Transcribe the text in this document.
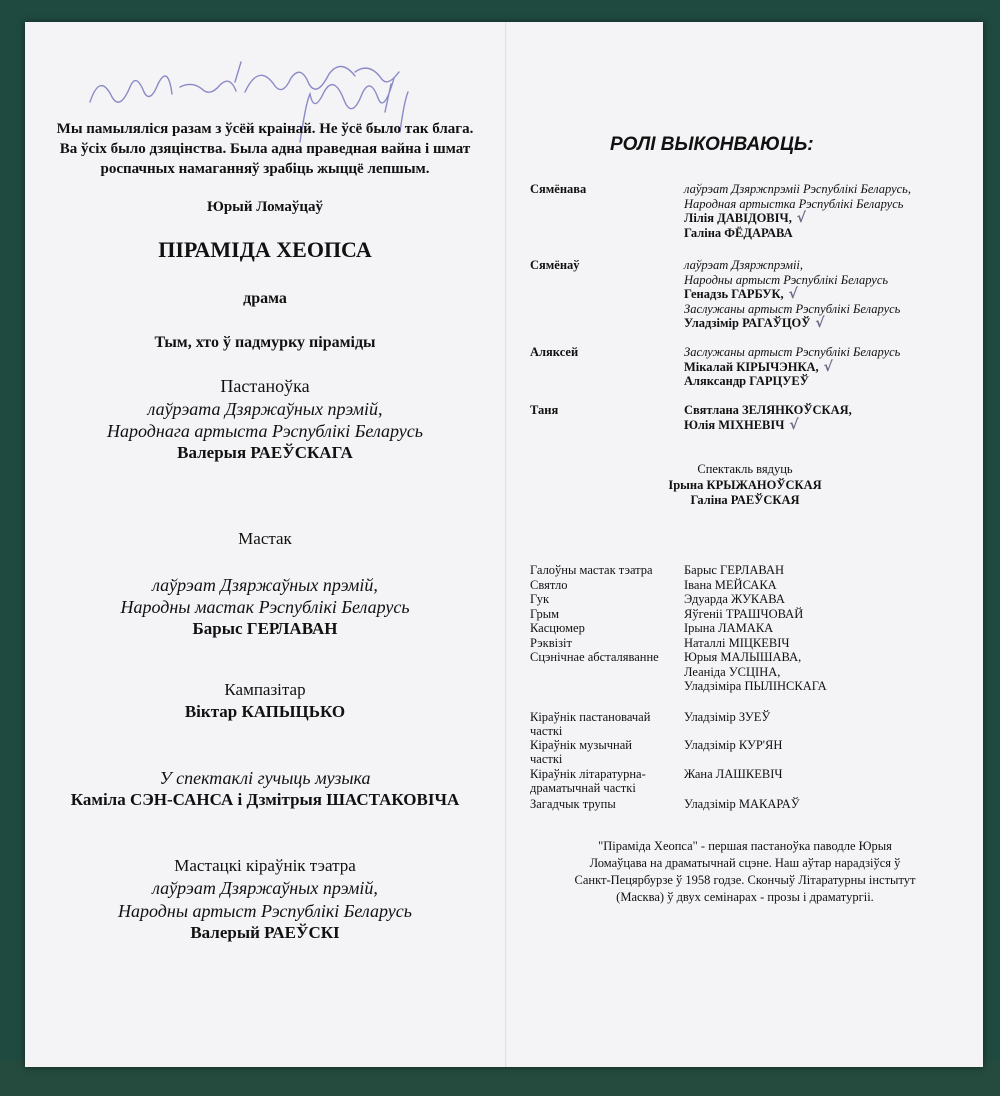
Мы памыляліся разам з ўсёй краінай. Не ўсё было так блага.
Ва ўсіх было дзяцінства. Была адна праведная вайна і шмат
роспачных намаганняў зрабіць жыццё лепшым.
Юрый Ломаўцаў
ПІРАМІДА ХЕОПСА
драма
Тым, хто ў падмурку піраміды
Пастаноўка
лаўрэата Дзяржаўных прэмій,
Народнага артыста Рэспублікі Беларусь
Валерыя РАЕЎСКАГА
Мастак
лаўрэат Дзяржаўных прэмій,
Народны мастак Рэспублікі Беларусь
Барыс ГЕРЛАВАН
Кампазітар
Віктар КАПЫЦЬКО
У спектаклі гучыць музыка
Каміла СЭН-САНСА і Дзмітрыя ШАСТАКОВІЧА
Мастацкі кіраўнік тэатра
лаўрэат Дзяржаўных прэмій,
Народны артыст Рэспублікі Беларусь
Валерый РАЕЎСКІ
РОЛІ ВЫКОНВАЮЦЬ:
Сямёнава	лаўрэат Дзяржпрэміі Рэспублікі Беларусь,
Народная артыстка Рэспублікі Беларусь
Лілія ДАВІДОВІЧ, √
Галіна ФЁДАРАВА
Сямёнаў	лаўрэат Дзяржпрэміі,
Народны артыст Рэспублікі Беларусь
Генадзь ГАРБУК, √
Заслужаны артыст Рэспублікі Беларусь
Уладзімір РАГАЎЦОЎ √
Аляксей	Заслужаны артыст Рэспублікі Беларусь
Мікалай КІРЫЧЭНКА, √
Аляксандр ГАРЦУЕЎ
Таня	Святлана ЗЕЛЯНКОЎСКАЯ,
Юлія МІХНЕВІЧ √
Спектакль вядуць
Ірына КРЫЖАНОЎСКАЯ
Галіна РАЕЎСКАЯ
Галоўны мастак тэатра	Барыс ГЕРЛАВАН
Святло	Івана МЕЙСАКА
Гук	Эдуарда ЖУКАВА
Грым	Яўгеніі ТРАШЧОВАЙ
Касцюмер	Ірына ЛАМАКА
Рэквізіт	Наталлі МІЦКЕВІЧ
Сцэнічнае абсталяванне Юрыя МАЛЫШАВА,
Леаніда УСЦІНА,
Уладзіміра ПЫЛІНСКАГА
Кіраўнік пастановачай
часткі
Уладзімір ЗУЕЎ
Кіраўнік музычнай
часткі
Уладзімір КУР'ЯН
Кіраўнік літаратурна-
драматычнай часткі
Жана ЛАШКЕВІЧ
Загадчык трупы	Уладзімір МАКАРАЎ
"Піраміда Хеопса" - першая пастаноўка паводле Юрыя
Ломаўцава на драматычнай сцэне. Наш аўтар нарадзіўся ў
Санкт-Пецярбурзе ў 1958 годзе. Скончыў Літаратурны інстытут
(Масква) ў двух семінарах - прозы і драматургіі.
